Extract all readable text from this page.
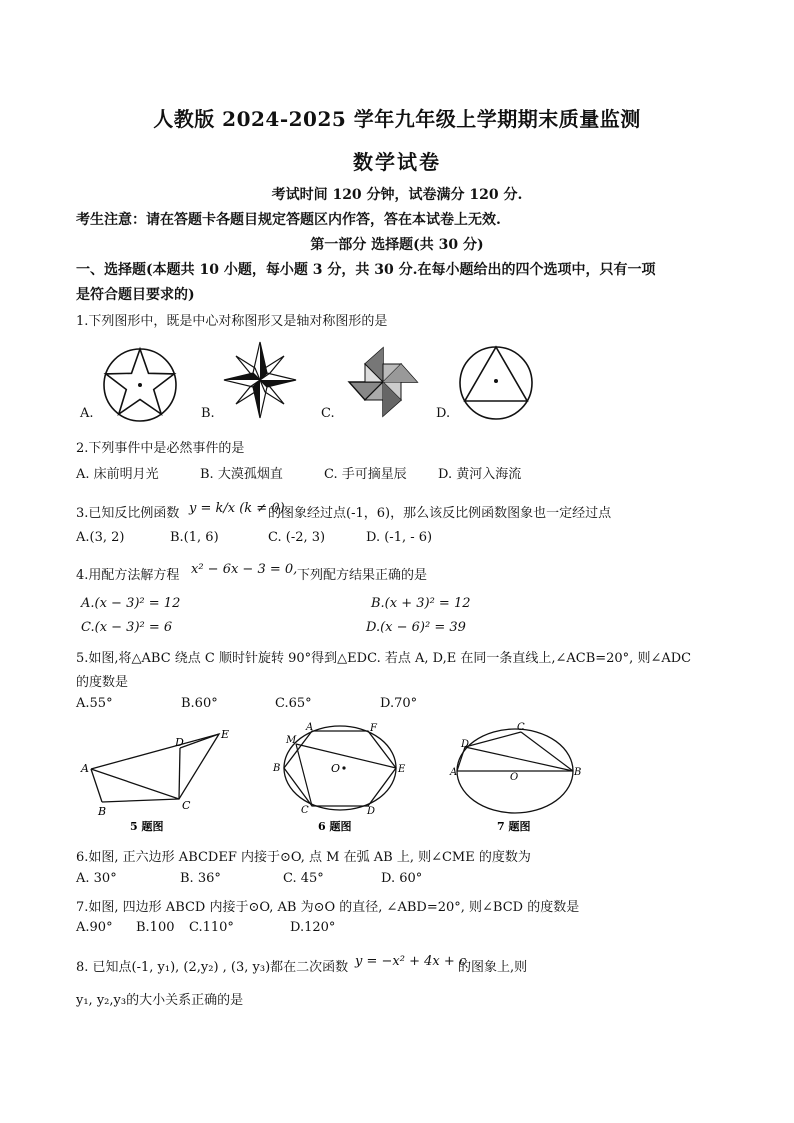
人教版 2024-2025 学年九年级上学期期末质量监测
数学试卷
考试时间 120 分钟，试卷满分 120 分.
考生注意：请在答题卡各题目规定答题区内作答，答在本试卷上无效.
第一部分 选择题(共 30 分)
一、选择题(本题共 10 小题，每小题 3 分，共 30 分.在每小题给出的四个选项中，只有一项
是符合题目要求的)
1.下列图形中，既是中心对称图形又是轴对称图形的是
A.	B.	C.	D.
2.下列事件中是必然事件的是
A. 床前明月光	B. 大漠孤烟直	C. 手可摘星辰 D. 黄河入海流
3.已知反比例函数 y = k/x (k ≠ 0)
的图象经过点(-1，6)，那么该反比例函数图象也一定经过点
A.(3, 2)	B.(1, 6)	C. (-2, 3)	D. (-1, - 6)
4.用配方法解方程 x² − 6x − 3 = 0, 下列配方结果正确的是
A.(x − 3)² = 12	B.(x + 3)² = 12
C.(x − 3)² = 6	D.(x − 6)² = 39
5.如图,将△ABC 绕点 C 顺时针旋转 90°得到△EDC. 若点 A, D,E 在同一条直线上,∠ACB=20°, 则∠ADC
的度数是
A.55°	B.60°	C.65°	D.70°
A
B	C
D
E
5 题图
A	F
M
B	O	E
C	D
6 题图
C
D
A	O	B
7 题图
6.如图, 正六边形 ABCDEF 内接于⊙O, 点 M 在弧 AB 上, 则∠CME 的度数为
A. 30°	B. 36°	C. 45°	D. 60°
7.如图, 四边形 ABCD 内接于⊙O, AB 为⊙O 的直径, ∠ABD=20°, 则∠BCD 的度数是
A.90° B.100 C.110°	D.120°
8. 已知点(-1, y₁), (2,y₂) , (3, y₃)都在二次函数 y = −x² + 4x + c
的图象上,则
y₁, y₂,y₃的大小关系正确的是
